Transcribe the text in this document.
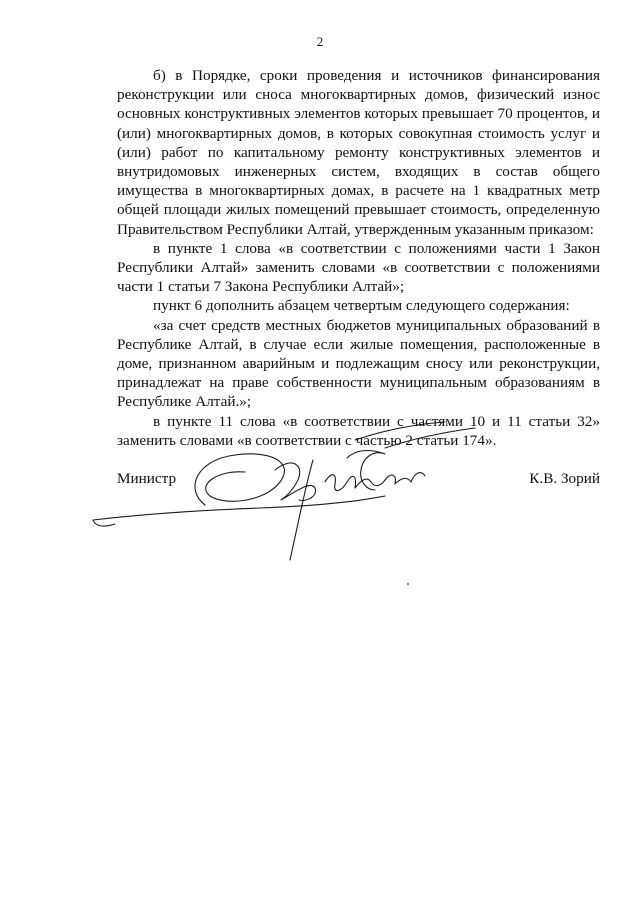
2

б) в Порядке, сроки проведения и источников финансирования реконструкции или сноса многоквартирных домов, физический износ основных конструктивных элементов которых превышает 70 процентов, и (или) многоквартирных домов, в которых совокупная стоимость услуг и (или) работ по капитальному ремонту конструктивных элементов и внутридомовых инженерных систем, входящих в состав общего имущества в многоквартирных домах, в расчете на 1 квадратных метр общей площади жилых помещений превышает стоимость, определенную Правительством Республики Алтай, утвержденным указанным приказом:

в пункте 1 слова «в соответствии с положениями части 1 Закон Республики Алтай» заменить словами «в соответствии с положениями части 1 статьи 7 Закона Республики Алтай»;

пункт 6 дополнить абзацем четвертым следующего содержания:

«за счет средств местных бюджетов муниципальных образований в Республике Алтай, в случае если жилые помещения, расположенные в доме, признанном аварийным и подлежащим сносу или реконструкции, принадлежат на праве собственности муниципальным образованиям в Республике Алтай.»;

в пункте 11 слова «в соответствии с частями 10 и 11 статьи 32» заменить словами «в соответствии с частью 2 статьи 174».

Министр	К.В. Зорий
